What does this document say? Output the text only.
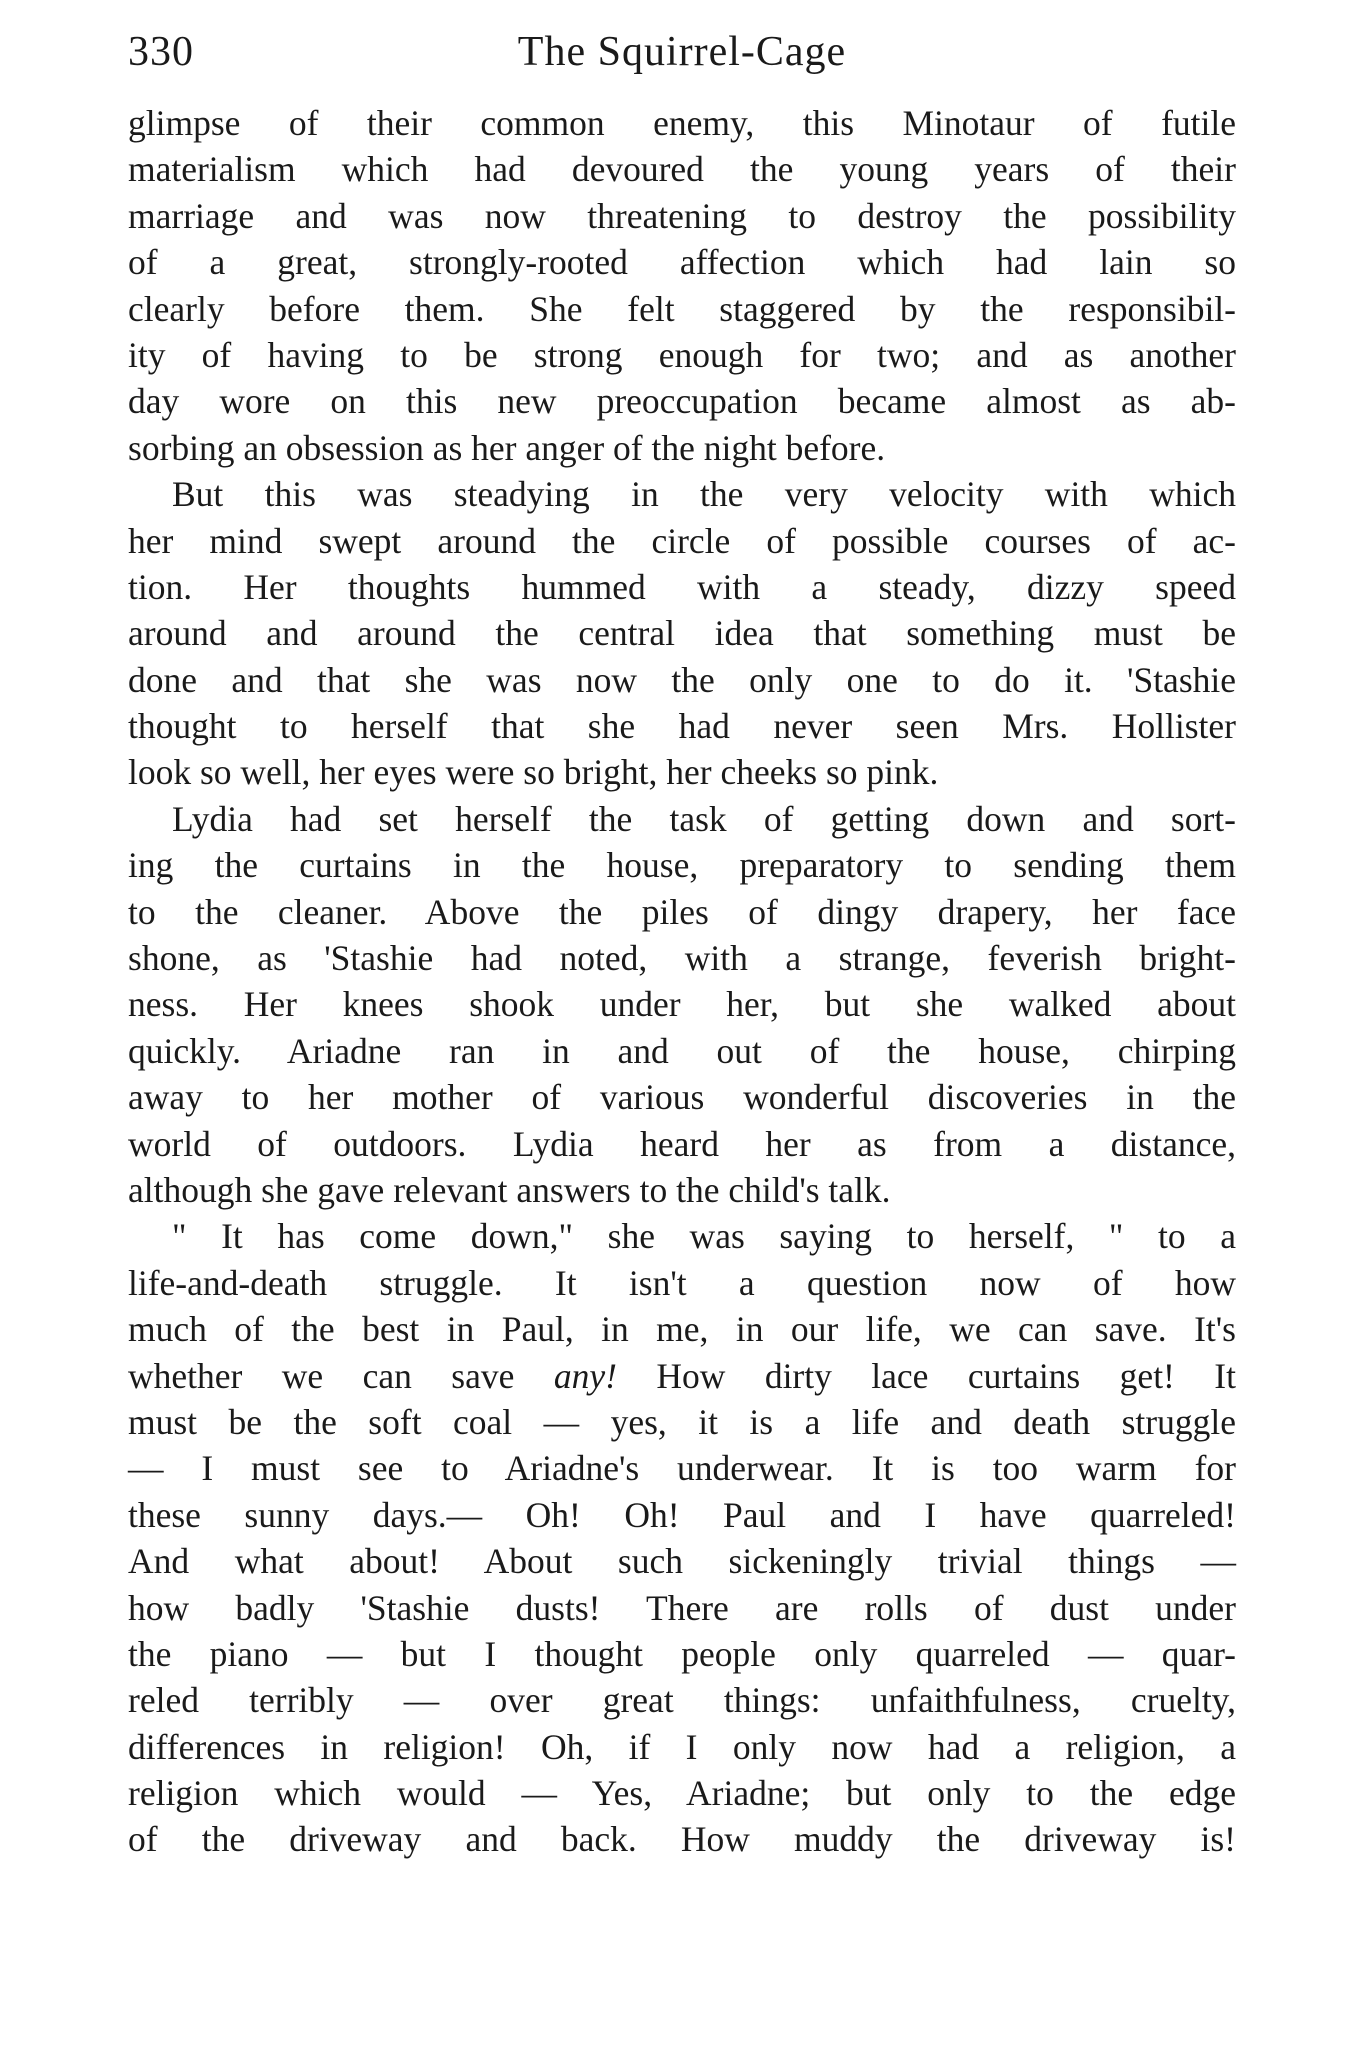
330	The Squirrel-Cage
glimpse of their common enemy, this Minotaur of futile
materialism which had devoured the young years of their
marriage and was now threatening to destroy the possibility
of a great, strongly-rooted affection which had lain so
clearly before them. She felt staggered by the responsibil-
ity of having to be strong enough for two; and as another
day wore on this new preoccupation became almost as ab-
sorbing an obsession as her anger of the night before.
But this was steadying in the very velocity with which
her mind swept around the circle of possible courses of ac-
tion. Her thoughts hummed with a steady, dizzy speed
around and around the central idea that something must be
done and that she was now the only one to do it. 'Stashie
thought to herself that she had never seen Mrs. Hollister
look so well, her eyes were so bright, her cheeks so pink.
Lydia had set herself the task of getting down and sort-
ing the curtains in the house, preparatory to sending them
to the cleaner. Above the piles of dingy drapery, her face
shone, as 'Stashie had noted, with a strange, feverish bright-
ness. Her knees shook under her, but she walked about
quickly. Ariadne ran in and out of the house, chirping
away to her mother of various wonderful discoveries in the
world of outdoors. Lydia heard her as from a distance,
although she gave relevant answers to the child's talk.
" It has come down," she was saying to herself, " to a
life-and-death struggle. It isn't a question now of how
much of the best in Paul, in me, in our life, we can save. It's
whether we can save any! How dirty lace curtains get! It
must be the soft coal — yes, it is a life and death struggle
— I must see to Ariadne's underwear. It is too warm for
these sunny days.— Oh! Oh! Paul and I have quarreled!
And what about! About such sickeningly trivial things —
how badly 'Stashie dusts! There are rolls of dust under
the piano — but I thought people only quarreled — quar-
reled terribly — over great things: unfaithfulness, cruelty,
differences in religion! Oh, if I only now had a religion, a
religion which would — Yes, Ariadne; but only to the edge
of the driveway and back. How muddy the driveway is!
